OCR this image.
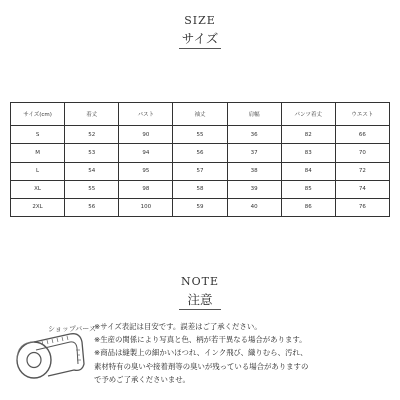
SIZE
サイズ
サイズ(cm)	着丈	バスト	袖丈	肩幅	パンツ着丈	ウエスト
S	52	90	55	36	82	66
M	53	94	56	37	83	70
L	54	95	57	38	84	72
XL	55	98	58	39	85	74
2XL	56	100	59	40	86	76
NOTE
注意
ショップバース
※サイズ表記は目安です。誤差はご了承ください。
※生産の関係により写真と色、柄が若干異なる場合があります。
※商品は縫製上の細かいほつれ、インク飛び、織りむら、汚れ、
素材特有の臭いや接着剤等の臭いが残っている場合がありますの
で予めご了承くださいませ。
